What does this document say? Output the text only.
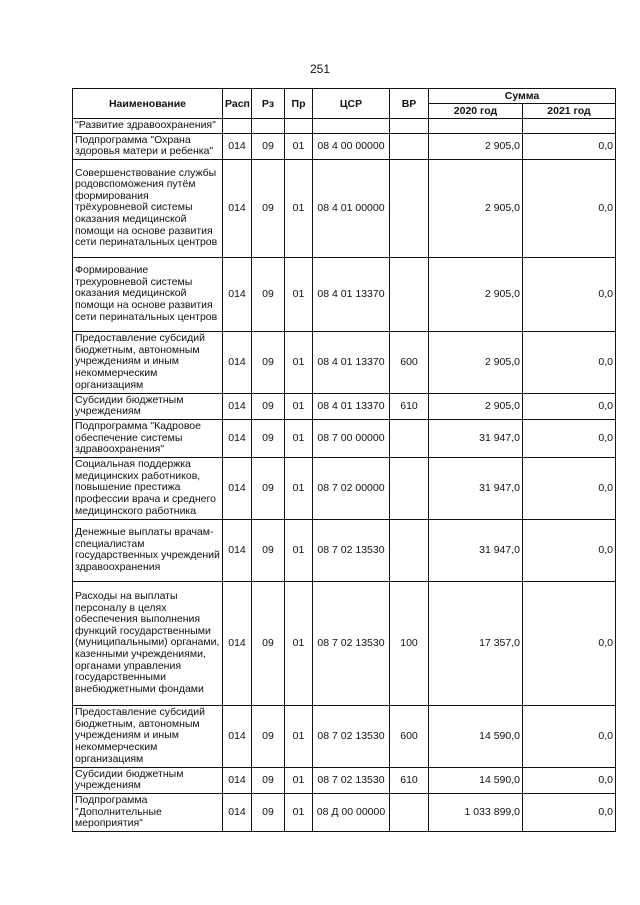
251
Наименование	Расп	Рз	Пр	ЦСР	ВР	Сумма	
						2020 год	2021 год
"Развитие здравоохранения"							
Подпрограмма "Охрана здоровья матери и ребенка"	014	09	01	08 4 00 00000		2 905,0	0,0
Совершенствование службы родовспоможения путём формирования трёхуровневой системы оказания медицинской помощи на основе развития сети перинатальных центров	014	09	01	08 4 01 00000		2 905,0	0,0
Формирование трехуровневой системы оказания медицинской помощи на основе развития сети перинатальных центров	014	09	01	08 4 01 13370		2 905,0	0,0
Предоставление субсидий бюджетным, автономным учреждениям и иным некоммерческим организациям	014	09	01	08 4 01 13370	600	2 905,0	0,0
Субсидии бюджетным учреждениям	014	09	01	08 4 01 13370	610	2 905,0	0,0
Подпрограмма "Кадровое обеспечение системы здравоохранения"	014	09	01	08 7 00 00000		31 947,0	0,0
Социальная поддержка медицинских работников, повышение престижа профессии врача и среднего медицинского работника	014	09	01	08 7 02 00000		31 947,0	0,0
Денежные выплаты врачам-специалистам государственных учреждений здравоохранения	014	09	01	08 7 02 13530		31 947,0	0,0
Расходы на выплаты персоналу в целях обеспечения выполнения функций государственными (муниципальными) органами, казенными учреждениями, органами управления государственными внебюджетными фондами	014	09	01	08 7 02 13530	100	17 357,0	0,0
Предоставление субсидий бюджетным, автономным учреждениям и иным некоммерческим организациям	014	09	01	08 7 02 13530	600	14 590,0	0,0
Субсидии бюджетным учреждениям	014	09	01	08 7 02 13530	610	14 590,0	0,0
Подпрограмма "Дополнительные мероприятия"	014	09	01	08 Д 00 00000		1 033 899,0	0,0
